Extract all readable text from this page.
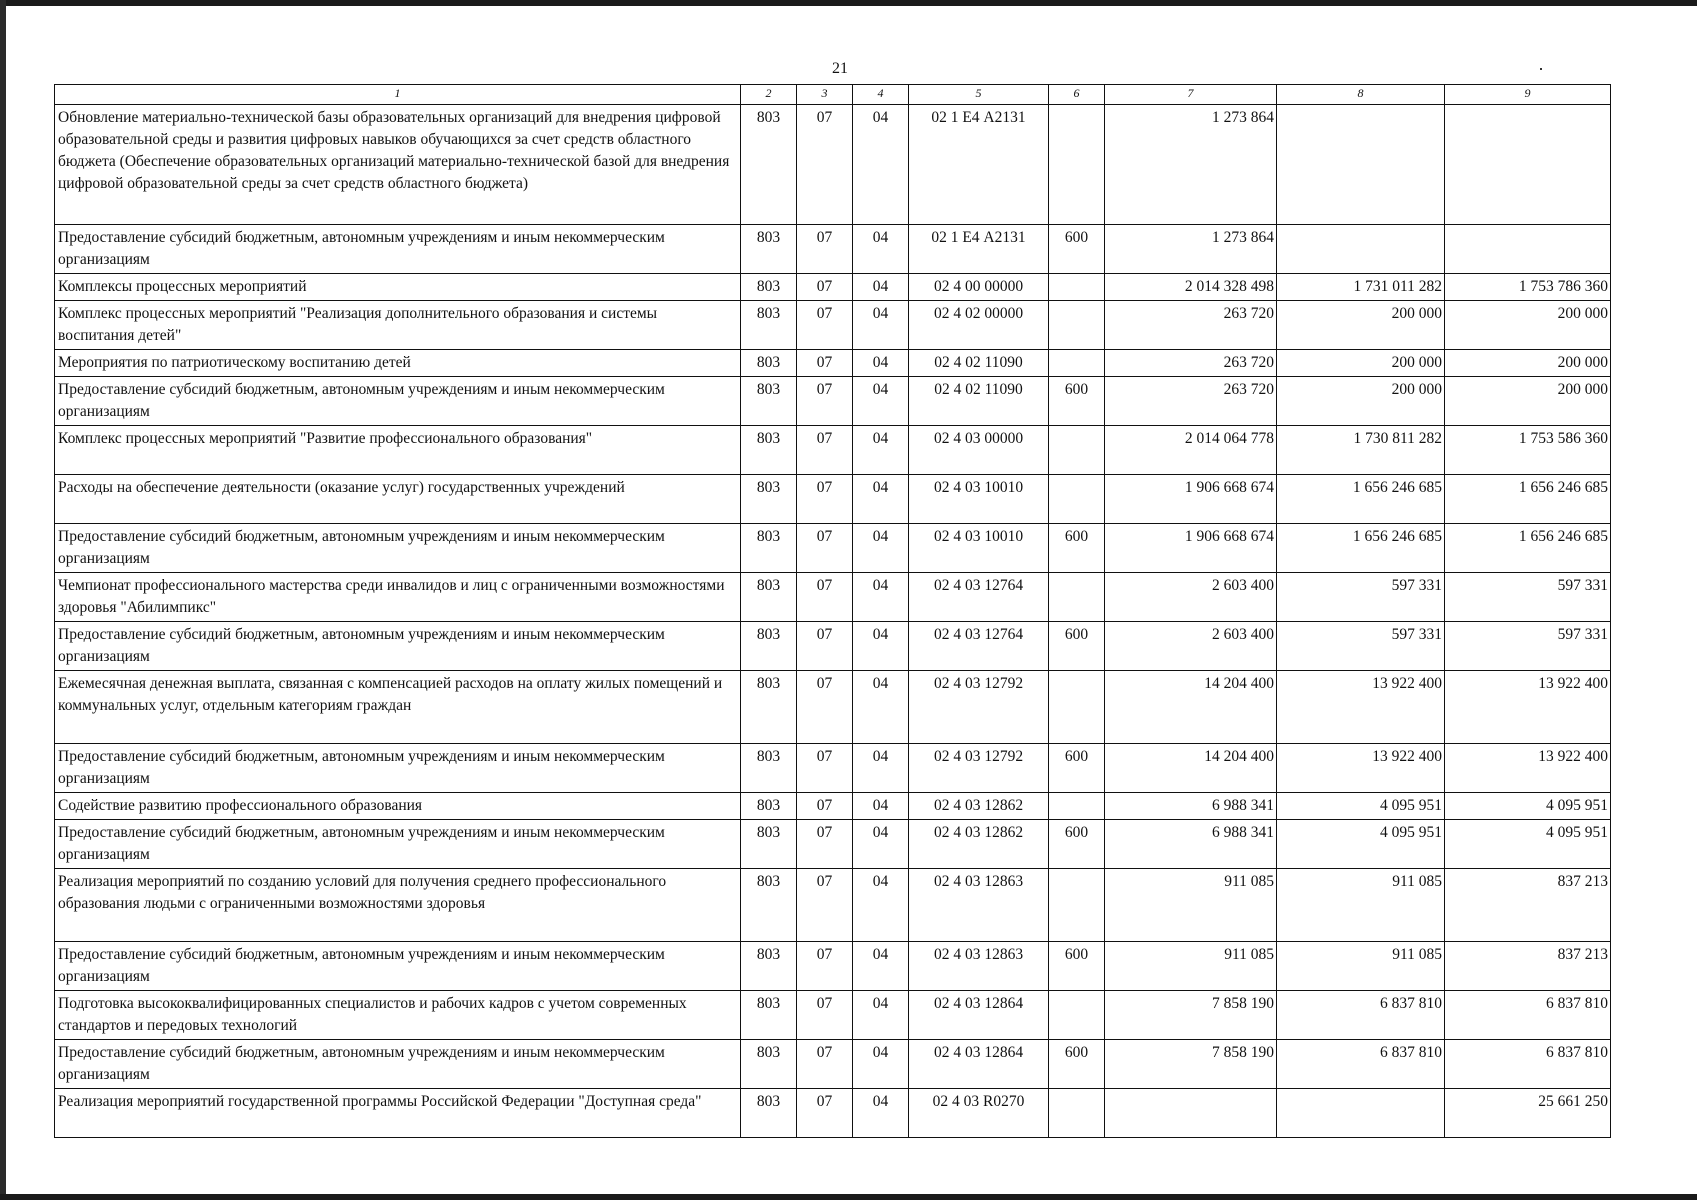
21
1	2	3	4	5	6	7	8	9
Обновление материально-технической базы образовательных организаций для внедрения цифровой образовательной среды и развития цифровых навыков обучающихся за счет средств областного бюджета (Обеспечение образовательных организаций материально-технической базой для внедрения цифровой образовательной среды за счет средств областного бюджета)	803	07	04	02 1 Е4 А2131		1 273 864		
Предоставление субсидий бюджетным, автономным учреждениям и иным некоммерческим организациям	803	07	04	02 1 Е4 А2131	600	1 273 864		
Комплексы процессных мероприятий	803	07	04	02 4 00 00000		2 014 328 498	1 731 011 282	1 753 786 360
Комплекс процессных мероприятий "Реализация дополнительного образования и системы воспитания детей"	803	07	04	02 4 02 00000		263 720	200 000	200 000
Мероприятия по патриотическому воспитанию детей	803	07	04	02 4 02 11090		263 720	200 000	200 000
Предоставление субсидий бюджетным, автономным учреждениям и иным некоммерческим организациям	803	07	04	02 4 02 11090	600	263 720	200 000	200 000
Комплекс процессных мероприятий "Развитие профессионального образования"	803	07	04	02 4 03 00000		2 014 064 778	1 730 811 282	1 753 586 360
Расходы на обеспечение деятельности (оказание услуг) государственных учреждений	803	07	04	02 4 03 10010		1 906 668 674	1 656 246 685	1 656 246 685
Предоставление субсидий бюджетным, автономным учреждениям и иным некоммерческим организациям	803	07	04	02 4 03 10010	600	1 906 668 674	1 656 246 685	1 656 246 685
Чемпионат профессионального мастерства среди инвалидов и лиц с ограниченными возможностями здоровья "Абилимпикс"	803	07	04	02 4 03 12764		2 603 400	597 331	597 331
Предоставление субсидий бюджетным, автономным учреждениям и иным некоммерческим организациям	803	07	04	02 4 03 12764	600	2 603 400	597 331	597 331
Ежемесячная денежная выплата, связанная с компенсацией расходов на оплату жилых помещений и коммунальных услуг, отдельным категориям граждан	803	07	04	02 4 03 12792		14 204 400	13 922 400	13 922 400
Предоставление субсидий бюджетным, автономным учреждениям и иным некоммерческим организациям	803	07	04	02 4 03 12792	600	14 204 400	13 922 400	13 922 400
Содействие развитию профессионального образования	803	07	04	02 4 03 12862		6 988 341	4 095 951	4 095 951
Предоставление субсидий бюджетным, автономным учреждениям и иным некоммерческим организациям	803	07	04	02 4 03 12862	600	6 988 341	4 095 951	4 095 951
Реализация мероприятий по созданию условий для получения среднего профессионального образования людьми с ограниченными возможностями здоровья	803	07	04	02 4 03 12863		911 085	911 085	837 213
Предоставление субсидий бюджетным, автономным учреждениям и иным некоммерческим организациям	803	07	04	02 4 03 12863	600	911 085	911 085	837 213
Подготовка высококвалифицированных специалистов и рабочих кадров с учетом современных стандартов и передовых технологий	803	07	04	02 4 03 12864		7 858 190	6 837 810	6 837 810
Предоставление субсидий бюджетным, автономным учреждениям и иным некоммерческим организациям	803	07	04	02 4 03 12864	600	7 858 190	6 837 810	6 837 810
Реализация мероприятий государственной программы Российской Федерации "Доступная среда"	803	07	04	02 4 03 R0270				25 661 250
